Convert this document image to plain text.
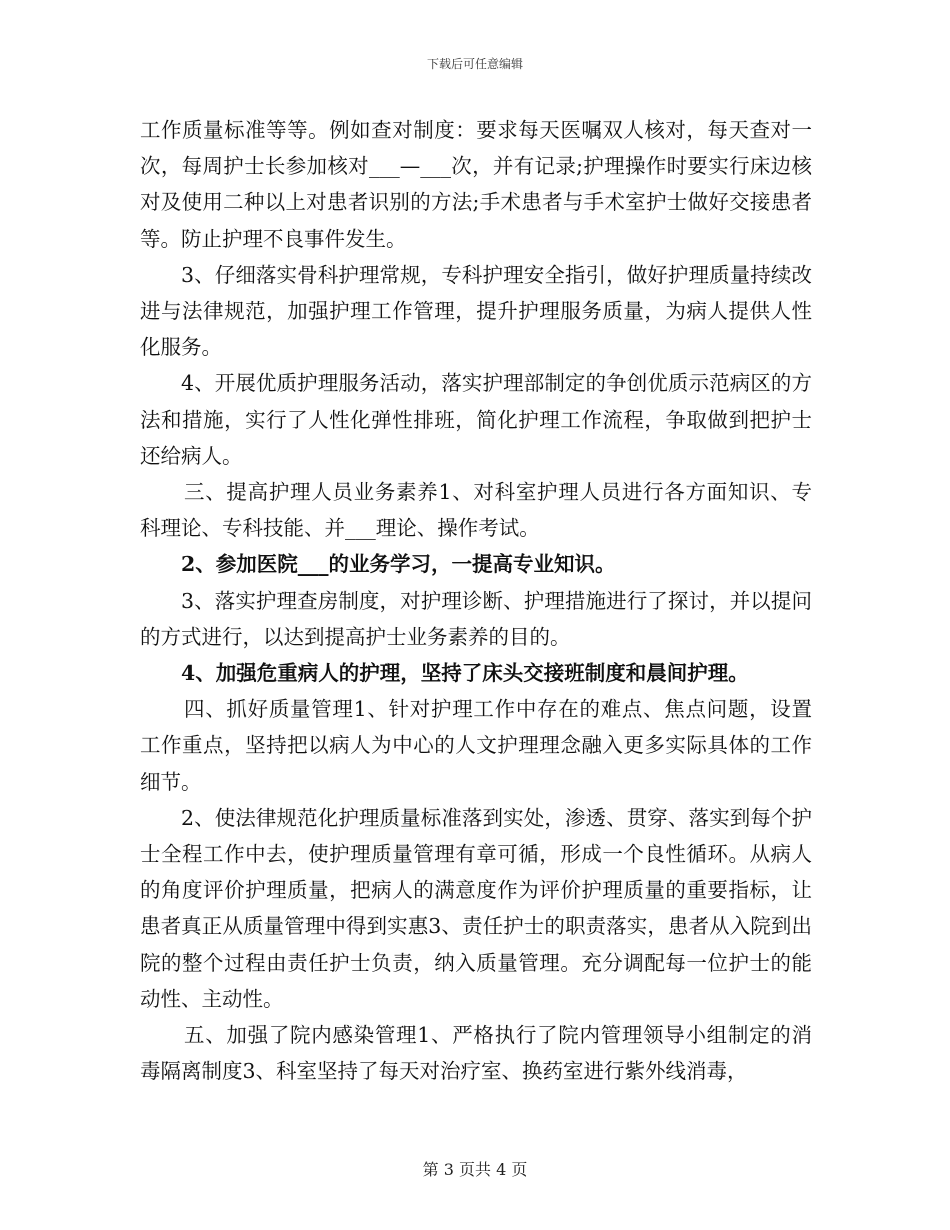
下载后可任意编辑

工作质量标准等等。例如查对制度：要求每天医嘱双人核对，每天查对一次，每周护士长参加核对___—___次，并有记录;护理操作时要实行床边核对及使用二种以上对患者识别的方法;手术患者与手术室护士做好交接患者等。防止护理不良事件发生。

3、仔细落实骨科护理常规，专科护理安全指引，做好护理质量持续改进与法律规范，加强护理工作管理，提升护理服务质量，为病人提供人性化服务。

4、开展优质护理服务活动，落实护理部制定的争创优质示范病区的方法和措施，实行了人性化弹性排班，简化护理工作流程，争取做到把护士还给病人。

三、提高护理人员业务素养1、对科室护理人员进行各方面知识、专科理论、专科技能、并___理论、操作考试。

2、参加医院___的业务学习，一提高专业知识。

3、落实护理查房制度，对护理诊断、护理措施进行了探讨，并以提问的方式进行，以达到提高护士业务素养的目的。

4、加强危重病人的护理，坚持了床头交接班制度和晨间护理。

四、抓好质量管理1、针对护理工作中存在的难点、焦点问题，设置工作重点，坚持把以病人为中心的人文护理理念融入更多实际具体的工作细节。

2、使法律规范化护理质量标准落到实处，渗透、贯穿、落实到每个护士全程工作中去，使护理质量管理有章可循，形成一个良性循环。从病人的角度评价护理质量，把病人的满意度作为评价护理质量的重要指标，让患者真正从质量管理中得到实惠3、责任护士的职责落实，患者从入院到出院的整个过程由责任护士负责，纳入质量管理。充分调配每一位护士的能动性、主动性。

五、加强了院内感染管理1、严格执行了院内管理领导小组制定的消毒隔离制度3、科室坚持了每天对治疗室、换药室进行紫外线消毒，

第 3 页共 4 页
